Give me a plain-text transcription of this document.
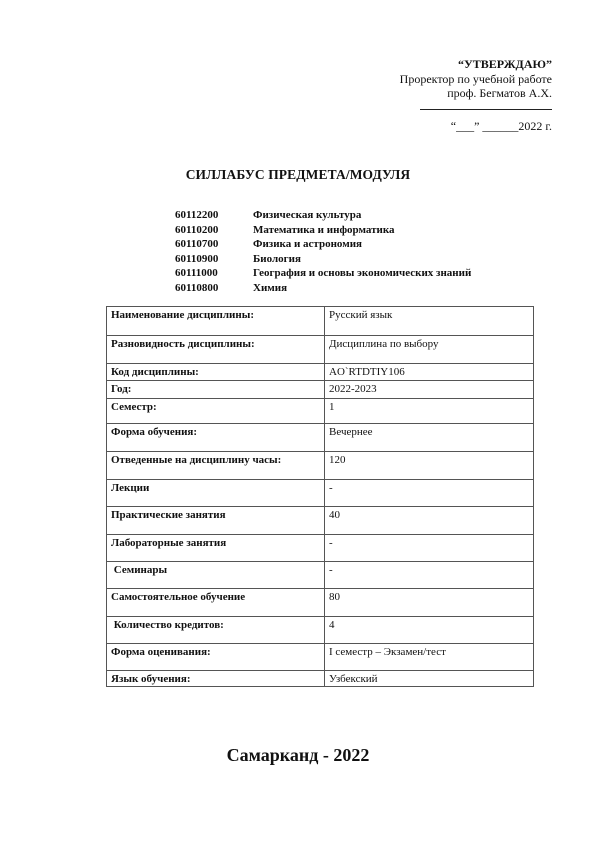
“УТВЕРЖДАЮ”
Проректор по учебной работе
проф. Бегматов А.Х.
“___” ______2022 г.
СИЛЛАБУС ПРЕДМЕТА/МОДУЛЯ
60112200	Физическая культура
60110200	Математика и информатика
60110700	Физика и астрономия
60110900	Биология
60111000	География и основы экономических знаний
60110800	Химия
Наименование дисциплины:	Русский язык
Разновидность дисциплины:	Дисциплина по выбору
Код дисциплины:	AO`RTDTIY106
Год:	2022-2023
Семестр:	1
Форма обучения:	Вечернее
Отведенные на дисциплину часы:	120
Лекции	-
Практические занятия	40
Лабораторные занятия	-
Семинары	-
Самостоятельное обучение	80
Количество кредитов:	4
Форма оценивания:	I семестр – Экзамен/тест
Язык обучения:	Узбекский
Самарканд - 2022
